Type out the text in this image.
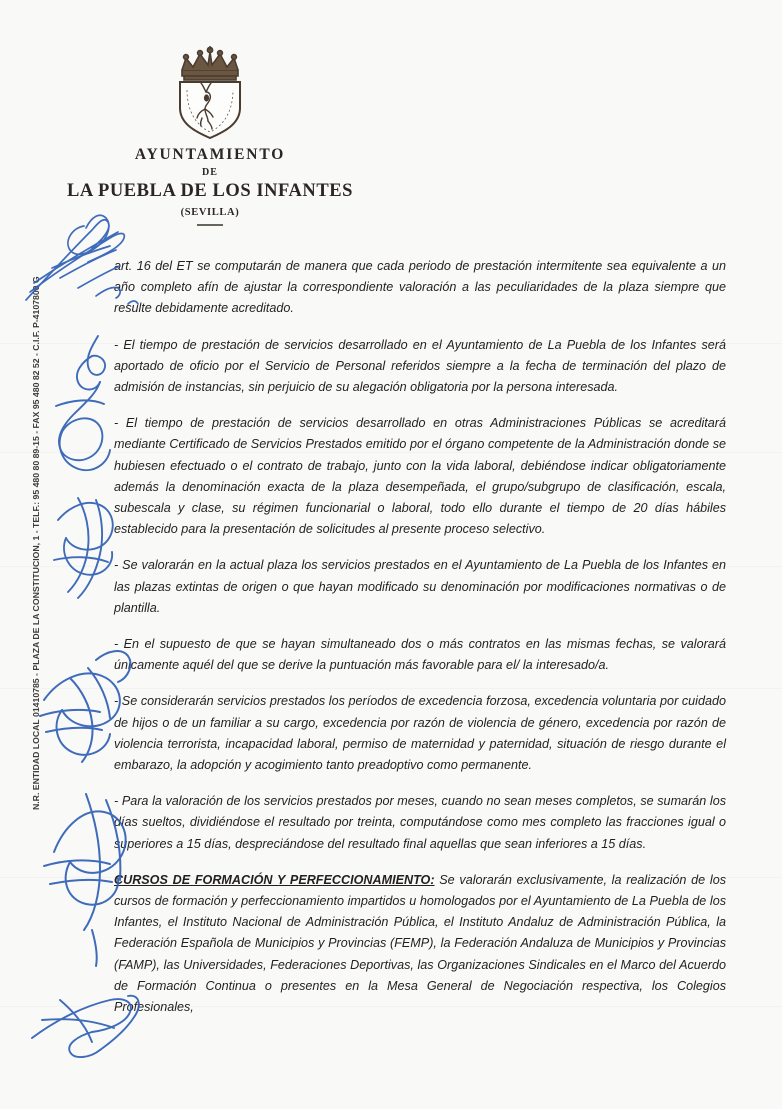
AYUNTAMIENTO
DE
LA PUEBLA DE LOS INFANTES
(SEVILLA)
N.R. ENTIDAD LOCAL 01410785 - PLAZA DE LA CONSTITUCION, 1 - TELF.: 95 480 80 89-15 - FAX 95 480 82 52 - C.I.F. P-4107800 G

art. 16 del ET se computarán de manera que cada periodo de prestación intermitente sea equivalente a un año completo afín de ajustar la correspondiente valoración a las peculiaridades de la plaza siempre que resulte debidamente acreditado.

- El tiempo de prestación de servicios desarrollado en el Ayuntamiento de La Puebla de los Infantes será aportado de oficio por el Servicio de Personal referidos siempre a la fecha de terminación del plazo de admisión de instancias, sin perjuicio de su alegación obligatoria por la persona interesada.

- El tiempo de prestación de servicios desarrollado en otras Administraciones Públicas se acreditará mediante Certificado de Servicios Prestados emitido por el órgano competente de la Administración donde se hubiesen efectuado o el contrato de trabajo, junto con la vida laboral, debiéndose indicar obligatoriamente además la denominación exacta de la plaza desempeñada, el grupo/subgrupo de clasificación, escala, subescala y clase, su régimen funcionarial o laboral, todo ello durante el tiempo de 20 días hábiles establecido para la presentación de solicitudes al presente proceso selectivo.

- Se valorarán en la actual plaza los servicios prestados en el Ayuntamiento de La Puebla de los Infantes en las plazas extintas de origen o que hayan modificado su denominación por modificaciones normativas o de plantilla.

- En el supuesto de que se hayan simultaneado dos o más contratos en las mismas fechas, se valorará únicamente aquél del que se derive la puntuación más favorable para el/ la interesado/a.

- Se considerarán servicios prestados los períodos de excedencia forzosa, excedencia voluntaria por cuidado de hijos o de un familiar a su cargo, excedencia por razón de violencia de género, excedencia por razón de violencia terrorista, incapacidad laboral, permiso de maternidad y paternidad, situación de riesgo durante el embarazo, la adopción y acogimiento tanto preadoptivo como permanente.

- Para la valoración de los servicios prestados por meses, cuando no sean meses completos, se sumarán los días sueltos, dividiéndose el resultado por treinta, computándose como mes completo las fracciones igual o superiores a 15 días, despreciándose del resultado final aquellas que sean inferiores a 15 días.

CURSOS DE FORMACIÓN Y PERFECCIONAMIENTO: Se valorarán exclusivamente, la realización de los cursos de formación y perfeccionamiento impartidos u homologados por el Ayuntamiento de La Puebla de los Infantes, el Instituto Nacional de Administración Pública, el Instituto Andaluz de Administración Pública, la Federación Española de Municipios y Provincias (FEMP), la Federación Andaluza de Municipios y Provincias (FAMP), las Universidades, Federaciones Deportivas, las Organizaciones Sindicales en el Marco del Acuerdo de Formación Continua o presentes en la Mesa General de Negociación respectiva, los Colegios Profesionales,
